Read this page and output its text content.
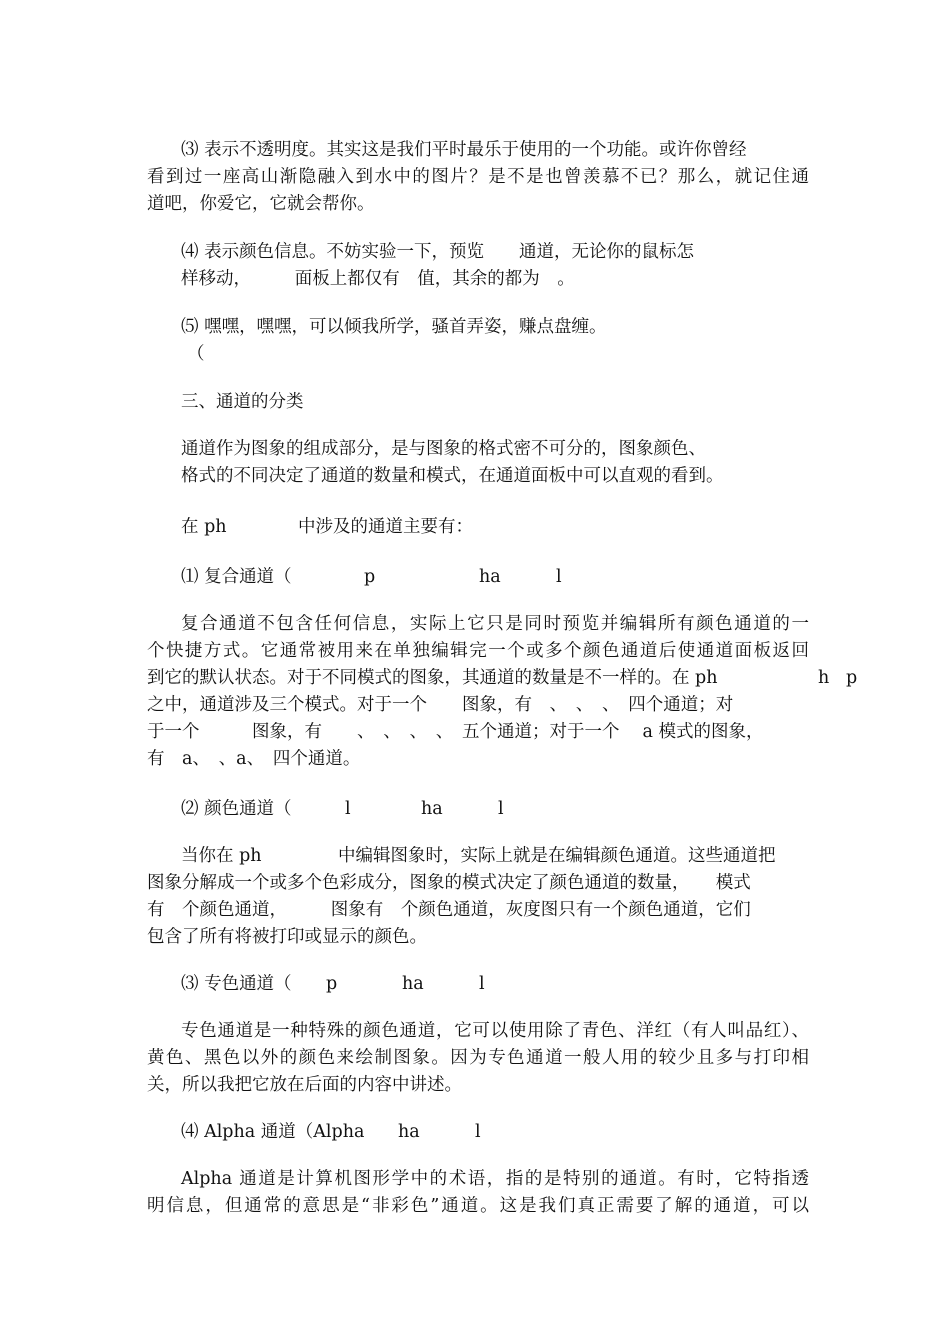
⑶ 表示不透明度。其实这是我们平时最乐于使用的一个功能。或许你曾经
看到过一座高山渐隐融入到水中的图片？是不是也曾羡慕不已？那么，就记住通
道吧，你爱它，它就会帮你。
⑷ 表示颜色信息。不妨实验一下，预览　　通道，无论你的鼠标怎
样移动，　　　面板上都仅有　值，其余的都为　。
⑸ 嘿嘿，嘿嘿，可以倾我所学，骚首弄姿，赚点盘缠。
（
三、通道的分类
通道作为图象的组成部分，是与图象的格式密不可分的，图象颜色、
格式的不同决定了通道的数量和模式，在通道面板中可以直观的看到。
在 ph	中涉及的通道主要有：
⑴ 复合通道（	p	ha	l
复合通道不包含任何信息，实际上它只是同时预览并编辑所有颜色通道的一
个快捷方式。它通常被用来在单独编辑完一个或多个颜色通道后使通道面板返回
到它的默认状态。对于不同模式的图象，其通道的数量是不一样的。在 ph	h p
之中，通道涉及三个模式。对于一个　　图象，有　、　、　、　四个通道；对
于一个　　　图象，有　　、　、　、　、　五个通道；对于一个　 a 模式的图象，
有　a、　、a、　四个通道。
⑵ 颜色通道（	l	ha	l
当你在 ph	中编辑图象时，实际上就是在编辑颜色通道。这些通道把
图象分解成一个或多个色彩成分，图象的模式决定了颜色通道的数量，　　模式
有　个颜色通道，　　　图象有　个颜色通道，灰度图只有一个颜色通道，它们
包含了所有将被打印或显示的颜色。
⑶ 专色通道（ p	ha	l
专色通道是一种特殊的颜色通道，它可以使用除了青色、洋红（有人叫品红）、
黄色、黑色以外的颜色来绘制图象。因为专色通道一般人用的较少且多与打印相
关，所以我把它放在后面的内容中讲述。
⑷ Alpha 通道（Alpha ha	l
Alpha 通道是计算机图形学中的术语，指的是特别的通道。有时，它特指透
明信息，但通常的意思是“非彩色”通道。这是我们真正需要了解的通道，可以
